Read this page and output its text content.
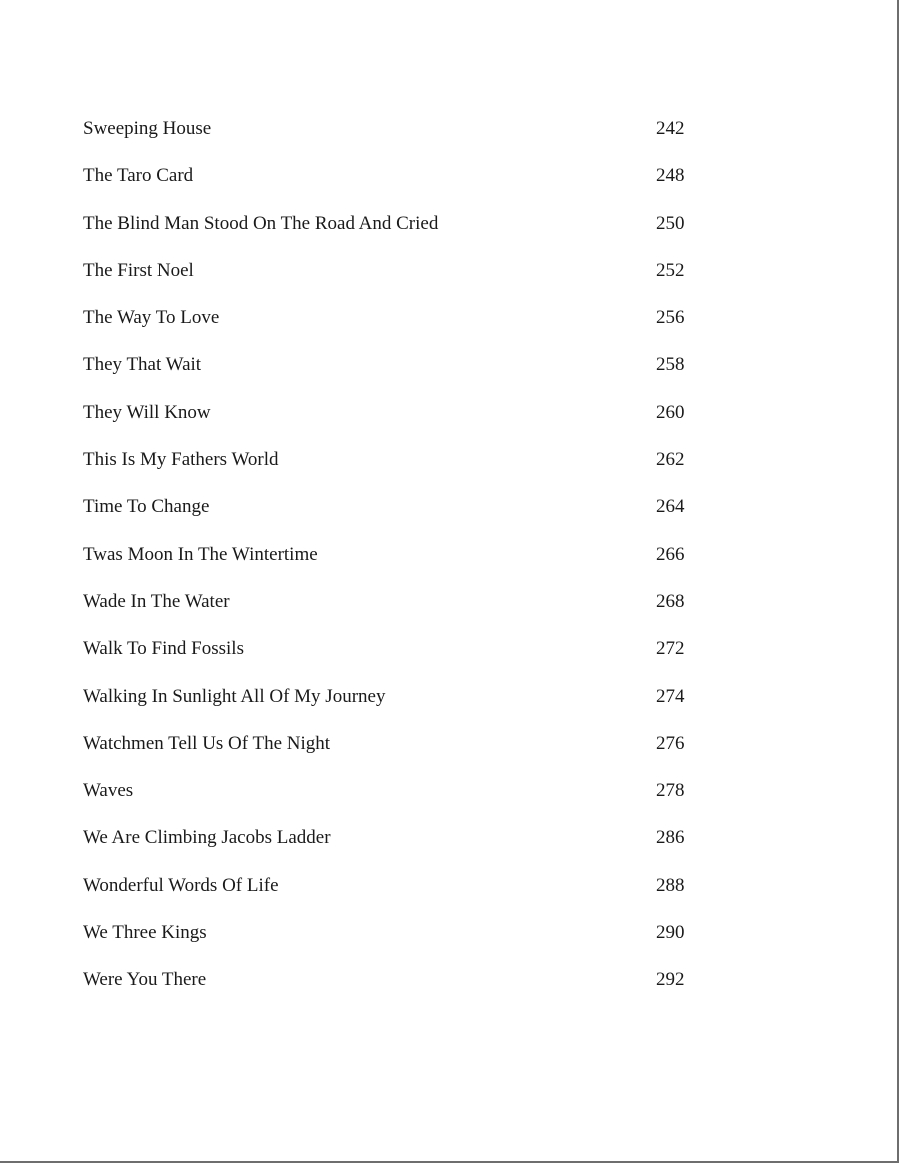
Sweeping House	242
The Taro Card	248
The Blind Man Stood On The Road And Cried	250
The First Noel	252
The Way To Love	256
They That Wait	258
They Will Know	260
This Is My Fathers World	262
Time To Change	264
Twas Moon In The Wintertime	266
Wade In The Water	268
Walk To Find Fossils	272
Walking In Sunlight All Of My Journey	274
Watchmen Tell Us Of The Night	276
Waves	278
We Are Climbing Jacobs Ladder	286
Wonderful Words Of Life	288
We Three Kings	290
Were You There	292
